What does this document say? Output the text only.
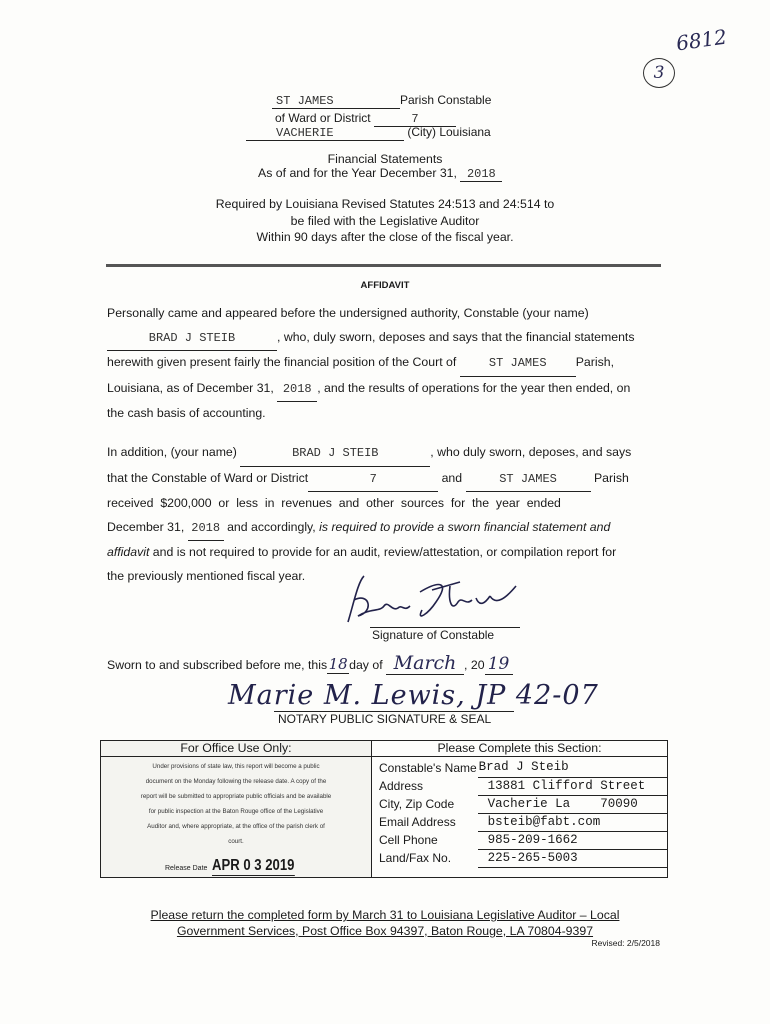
6812
3
ST JAMES	Parish Constable
of Ward or District	7
VACHERIE	(City) Louisiana
Financial Statements
As of and for the Year December 31, 2018
Required by Louisiana Revised Statutes 24:513 and 24:514 to
be filed with the Legislative Auditor
Within 90 days after the close of the fiscal year.
AFFIDAVIT

Personally came and appeared before the undersigned authority, Constable (your name)
BRAD J STEIB	, who, duly sworn, deposes and says that the financial statements
herewith given present fairly the financial position of the Court of	ST JAMES Parish,
Louisiana, as of December 31, 2018 , and the results of operations for the year then ended, on
the cash basis of accounting.

In addition, (your name)	BRAD J STEIB	, who duly sworn, deposes, and says
that the Constable of Ward or District	7	and	ST JAMES	Parish
received  $200,000  or  less  in  revenues  and  other  sources  for  the  year  ended
December 31, 2018 and accordingly, is required to provide a sworn financial statement and
affidavit and is not required to provide for an audit, review/attestation, or compilation report for
the previously mentioned fiscal year.

Signature of Constable
Sworn to and subscribed before me, this18day of March , 20 19
Marie M. Lewis, JP 42-07
NOTARY PUBLIC SIGNATURE & SEAL
For Office Use Only:
Under provisions of state law, this report will become a public
document on the Monday following the release date. A copy of the
report will be submitted to appropriate public officials and be available
for public inspection at the Baton Rouge office of the Legislative
Auditor and, where appropriate, at the office of the parish clerk of
court.
Release Date APR 0 3 2019
Please Complete this Section:
Constable's Name	Brad J Steib
Address	13881 Clifford Street
City, Zip Code	Vacherie La    70090
Email Address	bsteib@fabt.com
Cell Phone	985-209-1662
Land/Fax No.	225-265-5003
Please return the completed form by March 31 to Louisiana Legislative Auditor – Local
Government Services, Post Office Box 94397, Baton Rouge, LA 70804-9397
Revised: 2/5/2018
